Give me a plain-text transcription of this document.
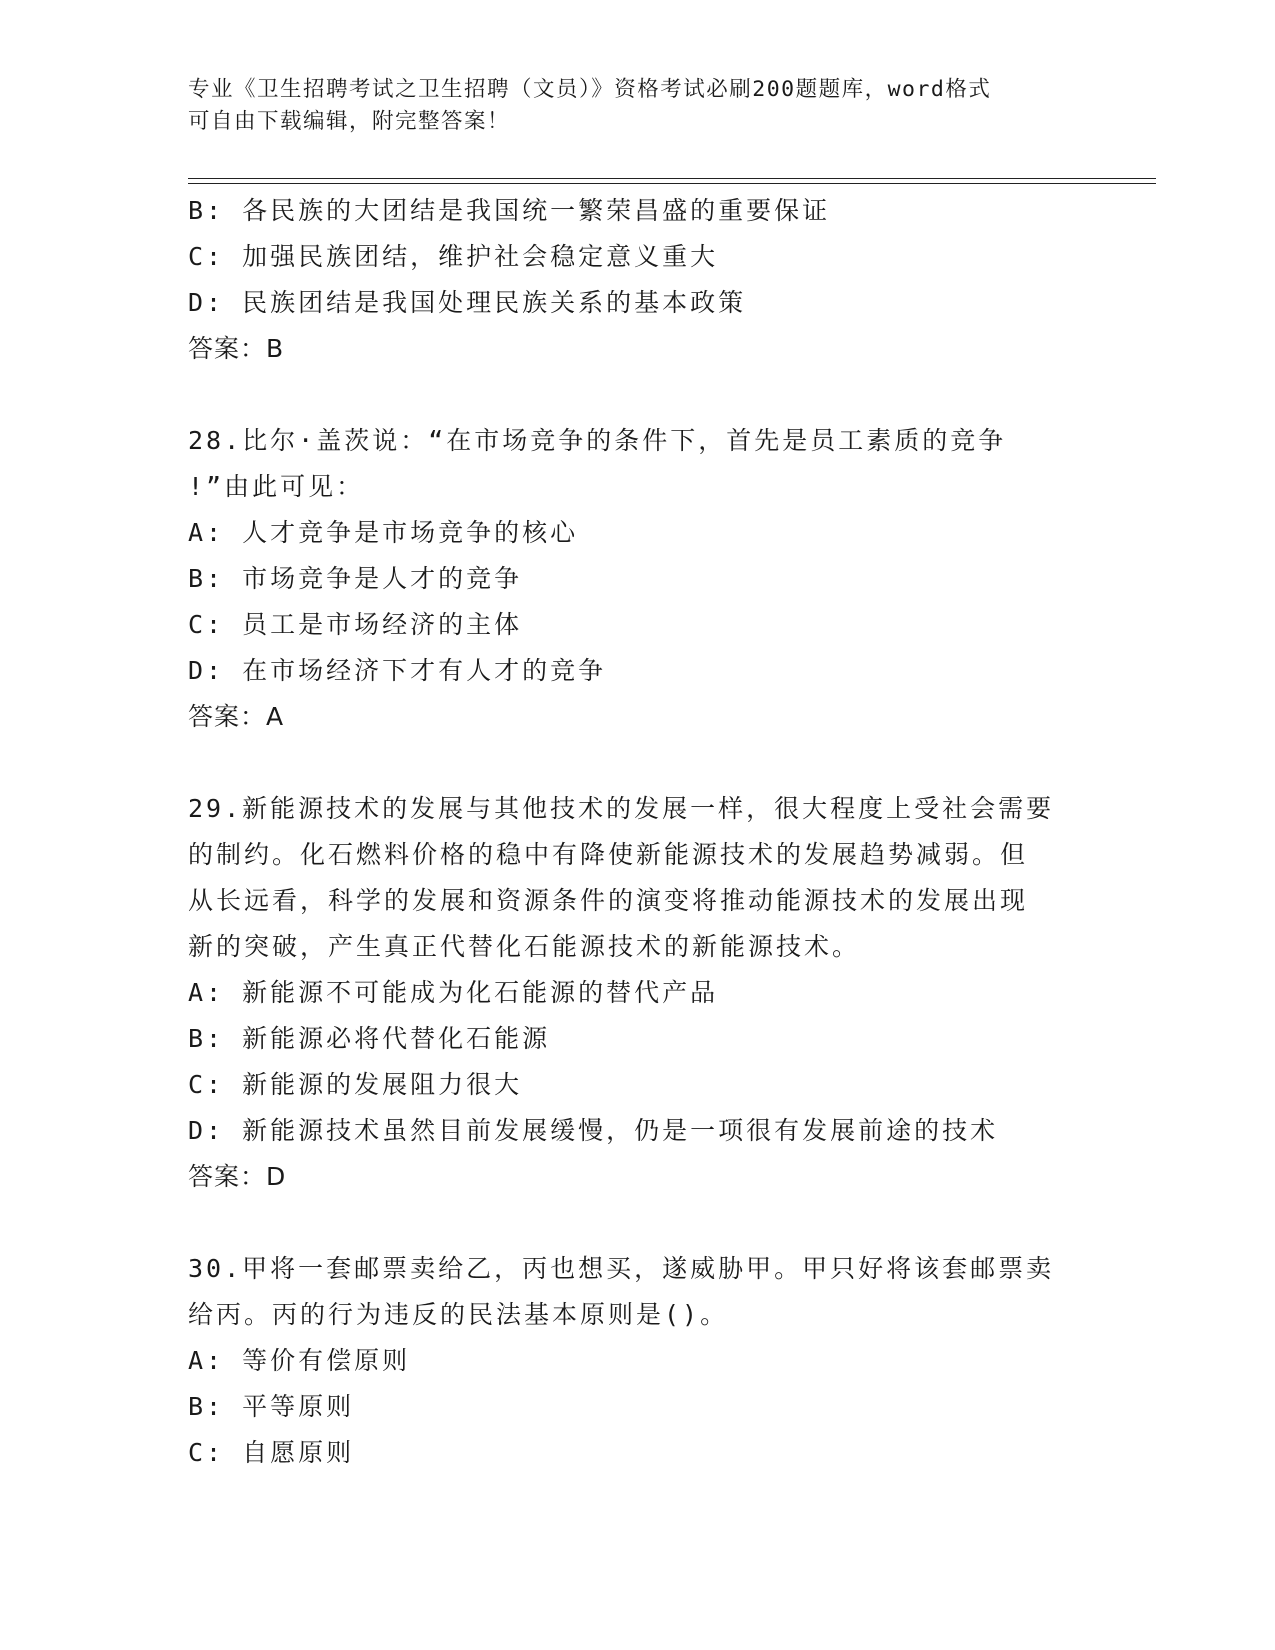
专业《卫生招聘考试之卫生招聘（文员）》资格考试必刷200题题库，word格式
可自由下载编辑，附完整答案！
B: 各民族的大团结是我国统一繁荣昌盛的重要保证
C: 加强民族团结，维护社会稳定意义重大
D: 民族团结是我国处理民族关系的基本政策
答案：B
28.比尔·盖茨说：“在市场竞争的条件下，首先是员工素质的竞争
!”由此可见：
A: 人才竞争是市场竞争的核心
B: 市场竞争是人才的竞争
C: 员工是市场经济的主体
D: 在市场经济下才有人才的竞争
答案：A
29.新能源技术的发展与其他技术的发展一样，很大程度上受社会需要
的制约。化石燃料价格的稳中有降使新能源技术的发展趋势减弱。但
从长远看，科学的发展和资源条件的演变将推动能源技术的发展出现
新的突破，产生真正代替化石能源技术的新能源技术。
A: 新能源不可能成为化石能源的替代产品
B: 新能源必将代替化石能源
C: 新能源的发展阻力很大
D: 新能源技术虽然目前发展缓慢，仍是一项很有发展前途的技术
答案：D
30.甲将一套邮票卖给乙，丙也想买，遂威胁甲。甲只好将该套邮票卖
给丙。丙的行为违反的民法基本原则是()。
A: 等价有偿原则
B: 平等原则
C: 自愿原则
